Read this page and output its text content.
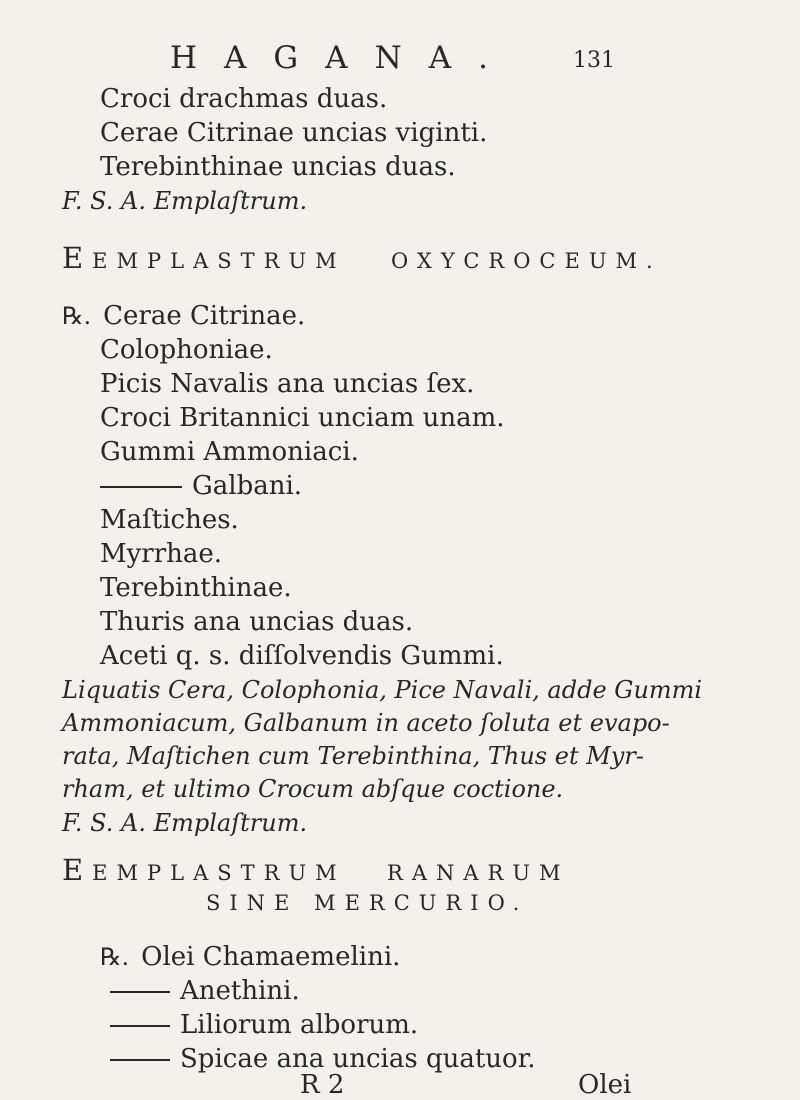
HAGANA.	131
Croci drachmas duas.
Cerae Citrinae uncias viginti.
Terebinthinae uncias duas.
F. S. A. Emplaſtrum.
EEMPLASTRUM OXYCROCEUM.
℞. Cerae Citrinae.
Colophoniae.
Picis Navalis ana uncias ſex.
Croci Britannici unciam unam.
Gummi Ammoniaci.
Galbani.
Maſtiches.
Myrrhae.
Terebinthinae.
Thuris ana uncias duas.
Aceti q. s. diſſolvendis Gummi.
Liquatis Cera, Colophonia, Pice Navali, adde Gummi
Ammoniacum, Galbanum in aceto ſoluta et evapo-
rata, Maſtichen cum Terebinthina, Thus et Myr-
rham, et ultimo Crocum abſque coctione.
F. S. A. Emplaſtrum.
EEMPLASTRUM RANARUM
SINE MERCURIO.
℞. Olei Chamaemelini.
Anethini.
Liliorum alborum.
Spicae ana uncias quatuor.
R 2	Olei
